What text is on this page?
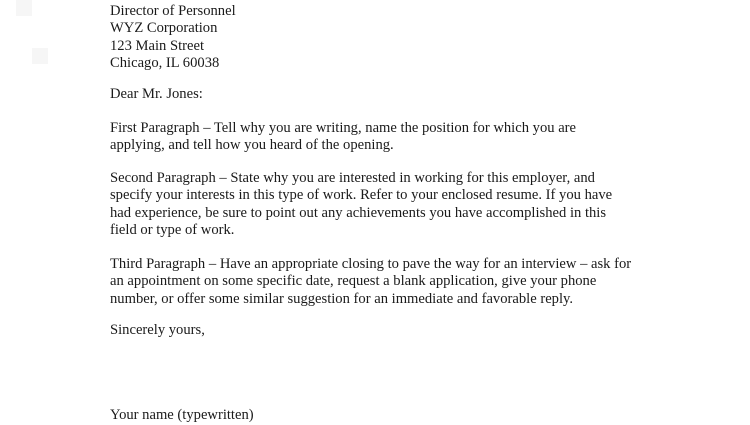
Director of Personnel
WYZ Corporation
123 Main Street
Chicago, IL 60038
Dear Mr. Jones:
First Paragraph – Tell why you are writing, name the position for which you are
applying, and tell how you heard of the opening.
Second Paragraph – State why you are interested in working for this employer, and
specify your interests in this type of work. Refer to your enclosed resume. If you have
had experience, be sure to point out any achievements you have accomplished in this
field or type of work.
Third Paragraph – Have an appropriate closing to pave the way for an interview – ask for
an appointment on some specific date, request a blank application, give your phone
number, or offer some similar suggestion for an immediate and favorable reply.
Sincerely yours,
Your name (typewritten)
